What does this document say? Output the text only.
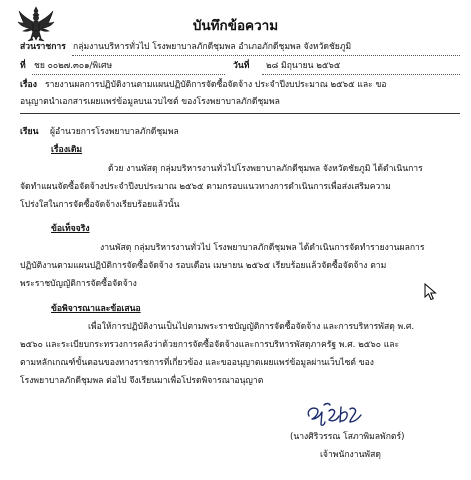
บันทึกข้อความ
ส่วนราชการ กลุ่มงานบริหารทั่วไป โรงพยาบาลภักดีชุมพล อำเภอภักดีชุมพล จังหวัดชัยภูมิ
ที่ ชย ๐๐๒๗.๓๐๑/พิเศษ	วันที่ ๒๘ มิถุนายน ๒๕๖๕
เรื่อง รายงานผลการปฏิบัติงานตามแผนปฏิบัติการจัดซื้อจัดจ้าง ประจำปีงบประมาณ ๒๕๖๕ และ ขอ
อนุญาตนำเอกสารเผยแพร่ข้อมูลบนเวบไซต์ ของโรงพยาบาลภักดีชุมพล
เรียน ผู้อำนวยการโรงพยาบาลภักดีชุมพล
เรื่องเดิม
ด้วย งานพัสดุ กลุ่มบริหารงานทั่วไปโรงพยาบาลภักดีชุมพล จังหวัดชัยภูมิ ได้ดำเนินการ
จัดทำแผนจัดซื้อจัดจ้างประจำปีงบประมาณ ๒๕๖๕ ตามกรอบแนวทางการดำเนินการเพื่อส่งเสริมความ
โปร่งใสในการจัดซื้อจัดจ้างเรียบร้อยแล้วนั้น
ข้อเท็จจริง
งานพัสดุ กลุ่มบริหารงานทั่วไป โรงพยาบาลภักดีชุมพล ได้ดำเนินการจัดทำรายงานผลการ
ปฏิบัติงานตามแผนปฏิบัติการจัดซื้อจัดจ้าง รอบเดือน เมษายน ๒๕๖๕ เรียบร้อยแล้วจัดซื้อจัดจ้าง ตาม
พระราชบัญญัติการจัดซื้อจัดจ้าง
ข้อพิจารณาและข้อเสนอ
เพื่อให้การปฏิบัติงานเป็นไปตามพระราชบัญญัติการจัดซื้อจัดจ้าง และการบริหารพัสดุ พ.ศ.
๒๕๖๐ และระเบียบกระทรวงการคลังว่าด้วยการจัดซื้อจัดจ้างและการบริหารพัสดุภาครัฐ พ.ศ. ๒๕๖๐ และ
ตามหลักเกณฑ์ขั้นตอนของทางราชการที่เกี่ยวข้อง และขออนุญาตเผยแพร่ข้อมูลผ่านเว็บไซต์ ของ
โรงพยาบาลภักดีชุมพล ต่อไป จึงเรียนมาเพื่อโปรดพิจารณาอนุญาต
(นางศิริวรรณ โสภาพิมลพักตร์)
เจ้าพนักงานพัสดุ
